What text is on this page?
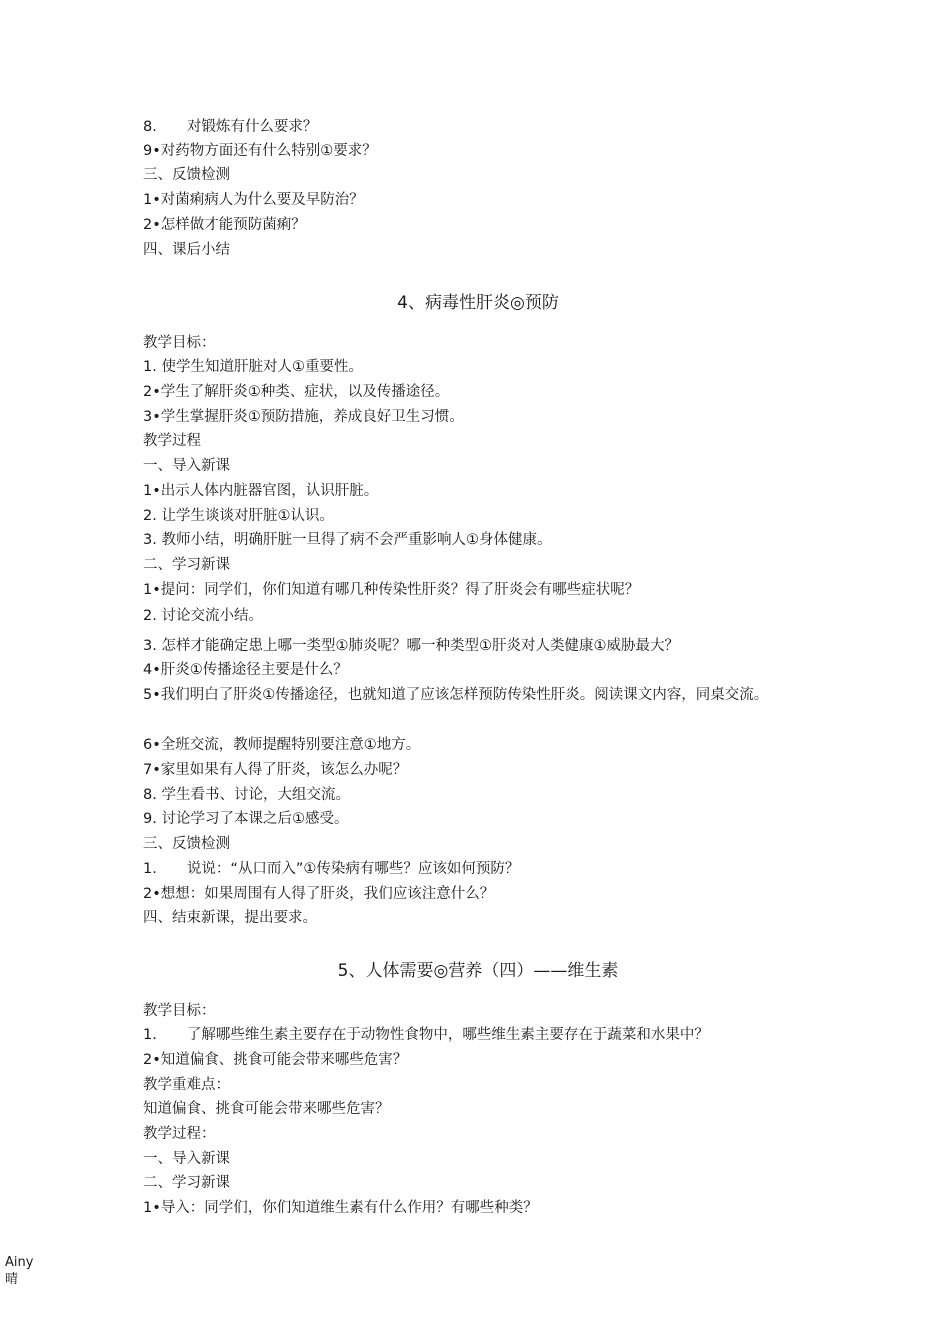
8. 对锻炼有什么要求？
9•对药物方面还有什么特别①要求？
三、反馈检测
1•对菌痢病人为什么要及早防治？
2•怎样做才能预防菌痢？
四、课后小结
4、病毒性肝炎◎预防
教学目标：
1. 使学生知道肝脏对人①重要性。
2•学生了解肝炎①种类、症状，以及传播途径。
3•学生掌握肝炎①预防措施，养成良好卫生习惯。
教学过程
一、导入新课
1•出示人体内脏器官图，认识肝脏。
2. 让学生谈谈对肝脏①认识。
3. 教师小结，明确肝脏一旦得了病不会严重影响人①身体健康。
二、学习新课
1•提问：同学们，你们知道有哪几种传染性肝炎？得了肝炎会有哪些症状呢？
2. 讨论交流小结。
3. 怎样才能确定患上哪一类型①肺炎呢？哪一种类型①肝炎对人类健康①威胁最大？
4•肝炎①传播途径主要是什么？
5•我们明白了肝炎①传播途径，也就知道了应该怎样预防传染性肝炎。阅读课文内容，同桌交流。
6•全班交流，教师提醒特别要注意①地方。
7•家里如果有人得了肝炎，该怎么办呢？
8. 学生看书、讨论，大组交流。
9. 讨论学习了本课之后①感受。
三、反馈检测
1. 说说：“从口而入”①传染病有哪些？应该如何预防？
2•想想：如果周围有人得了肝炎，我们应该注意什么？
四、结束新课，提出要求。
5、人体需要◎营养（四）——维生素
教学目标：
1. 了解哪些维生素主要存在于动物性食物中，哪些维生素主要存在于蔬菜和水果中？
2•知道偏食、挑食可能会带来哪些危害？
教学重难点：
知道偏食、挑食可能会带来哪些危害？
教学过程：
一、导入新课
二、学习新课
1•导入：同学们，你们知道维生素有什么作用？有哪些种类？
Ainy
晴
